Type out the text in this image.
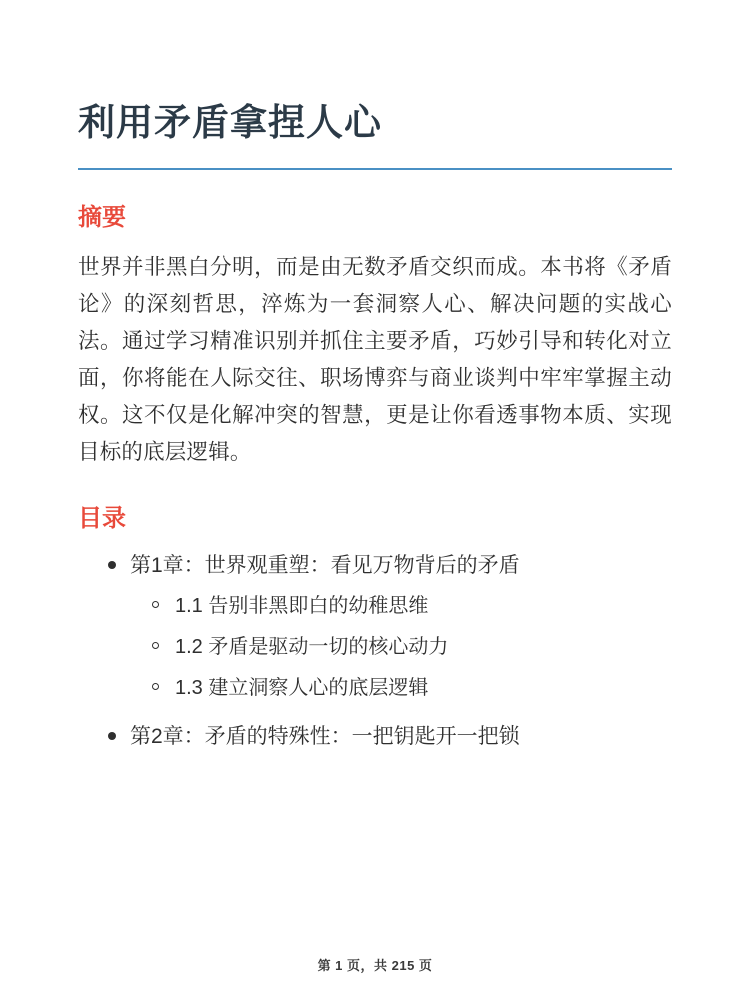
利用矛盾拿捏人心
摘要

世界并非黑白分明，而是由无数矛盾交织而成。本书将《矛盾论》的深刻哲思，淬炼为一套洞察人心、解决问题的实战心法。通过学习精准识别并抓住主要矛盾，巧妙引导和转化对立面，你将能在人际交往、职场博弈与商业谈判中牢牢掌握主动权。这不仅是化解冲突的智慧，更是让你看透事物本质、实现目标的底层逻辑。

目录
第1章：世界观重塑：看见万物背后的矛盾
1.1 告别非黑即白的幼稚思维
1.2 矛盾是驱动一切的核心动力
1.3 建立洞察人心的底层逻辑
第2章：矛盾的特殊性：一把钥匙开一把锁
第 1 页，共 215 页
